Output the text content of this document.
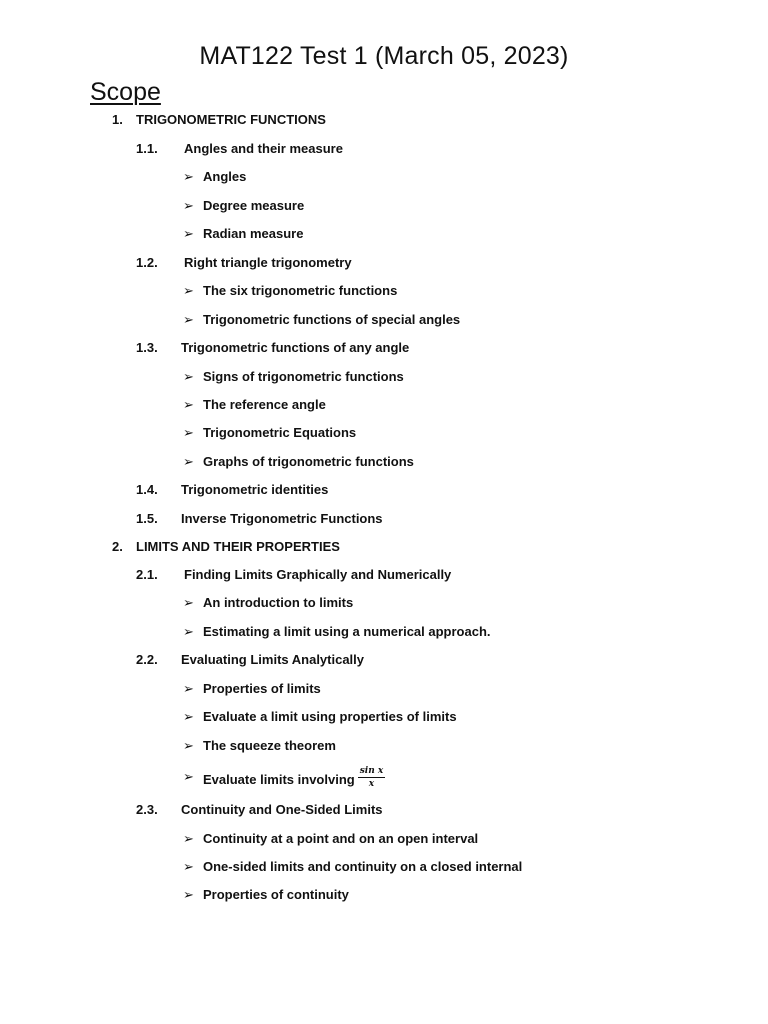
MAT122 Test 1 (March 05, 2023)
Scope
1. TRIGONOMETRIC FUNCTIONS
1.1. Angles and their measure
➢ Angles
➢ Degree measure
➢ Radian measure
1.2. Right triangle trigonometry
➢ The six trigonometric functions
➢ Trigonometric functions of special angles
1.3. Trigonometric functions of any angle
➢ Signs of trigonometric functions
➢ The reference angle
➢ Trigonometric Equations
➢ Graphs of trigonometric functions
1.4. Trigonometric identities
1.5. Inverse Trigonometric Functions
2. LIMITS AND THEIR PROPERTIES
2.1. Finding Limits Graphically and Numerically
➢ An introduction to limits
➢ Estimating a limit using a numerical approach.
2.2. Evaluating Limits Analytically
➢ Properties of limits
➢ Evaluate a limit using properties of limits
➢ The squeeze theorem
➢ Evaluate limits involving $\frac{\text{sin x}}{x}$
2.3. Continuity and One-Sided Limits
➢ Continuity at a point and on an open interval
➢ One-sided limits and continuity on a closed internal
➢ Properties of continuity
